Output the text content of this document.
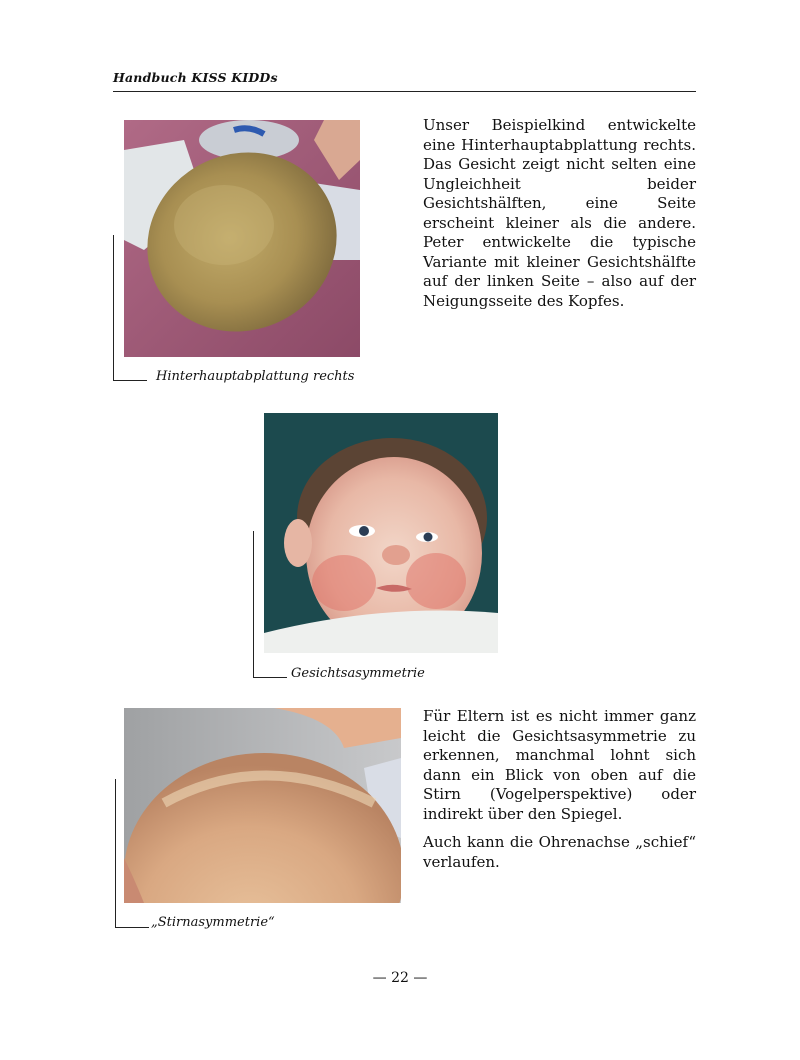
Handbuch KISS KIDDs
Hinterhauptabplattung rechts

Unser Beispielkind entwickelte eine Hinterhauptabplattung rechts. Das Gesicht zeigt nicht selten eine Ungleichheit beider Gesichtshälften, eine Seite erscheint kleiner als die andere. Peter entwickelte die typische Variante mit kleiner Gesichtshälfte auf der linken Seite – also auf der Neigungsseite des Kopfes.

Gesichtsasymmetrie
„Stirnasymmetrie“

Für Eltern ist es nicht immer ganz leicht die Gesichtsasymmetrie zu erkennen, manchmal lohnt sich dann ein Blick von oben auf die Stirn (Vogelperspektive) oder indirekt über den Spiegel.

Auch kann die Ohrenachse „schief“ verlaufen.

— 22 —
